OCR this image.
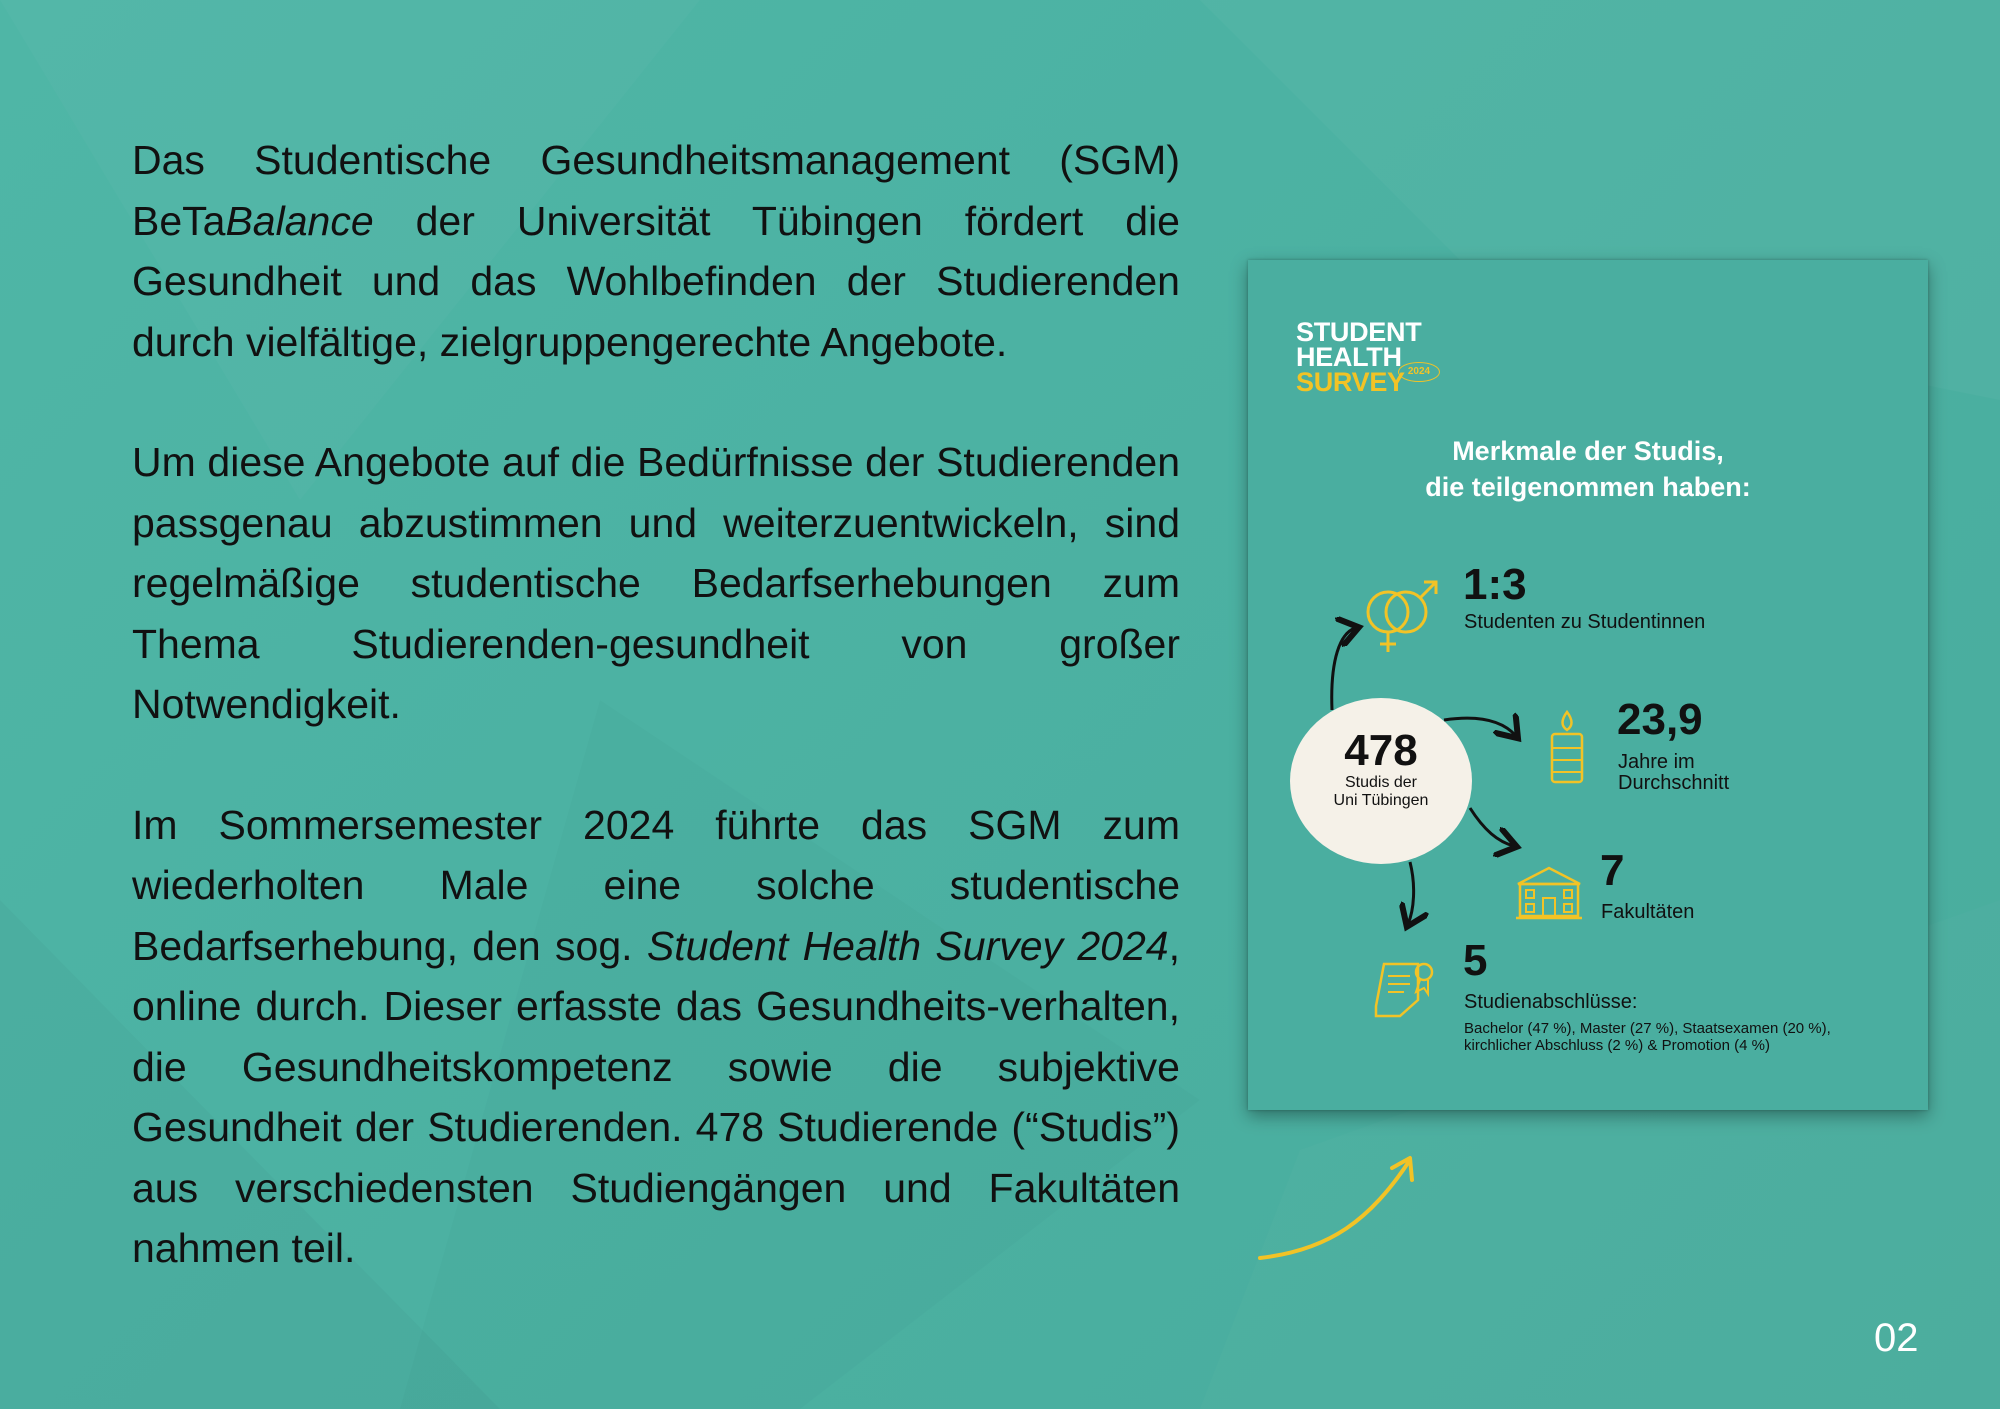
Das Studentische Gesundheitsmanagement (SGM) BeTaBalance der Universität Tübingen fördert die Gesundheit und das Wohlbefinden der Studierenden durch vielfältige, zielgruppengerechte Angebote.

Um diese Angebote auf die Bedürfnisse der Studierenden passgenau abzustimmen und weiterzuentwickeln, sind regelmäßige studentische Bedarfserhebungen zum Thema Studierenden-gesundheit von großer Notwendigkeit.

Im Sommersemester 2024 führte das SGM zum wiederholten Male eine solche studentische Bedarfserhebung, den sog. Student Health Survey 2024, online durch. Dieser erfasste das Gesundheits-verhalten, die Gesundheitskompetenz sowie die subjektive Gesundheit der Studierenden. 478 Studierende (“Studis”) aus verschiedensten Studiengängen und Fakultäten nahmen teil.

STUDENT
HEALTH
SURVEY 2024
Merkmale der Studis,
die teilgenommen haben:
478
Studis der
Uni Tübingen
1:3
Studenten zu Studentinnen
23,9
Jahre im
Durchschnitt
7
Fakultäten
5
Studienabschlüsse:
Bachelor (47 %), Master (27 %), Staatsexamen (20 %),
kirchlicher Abschluss (2 %) & Promotion (4 %)
02
